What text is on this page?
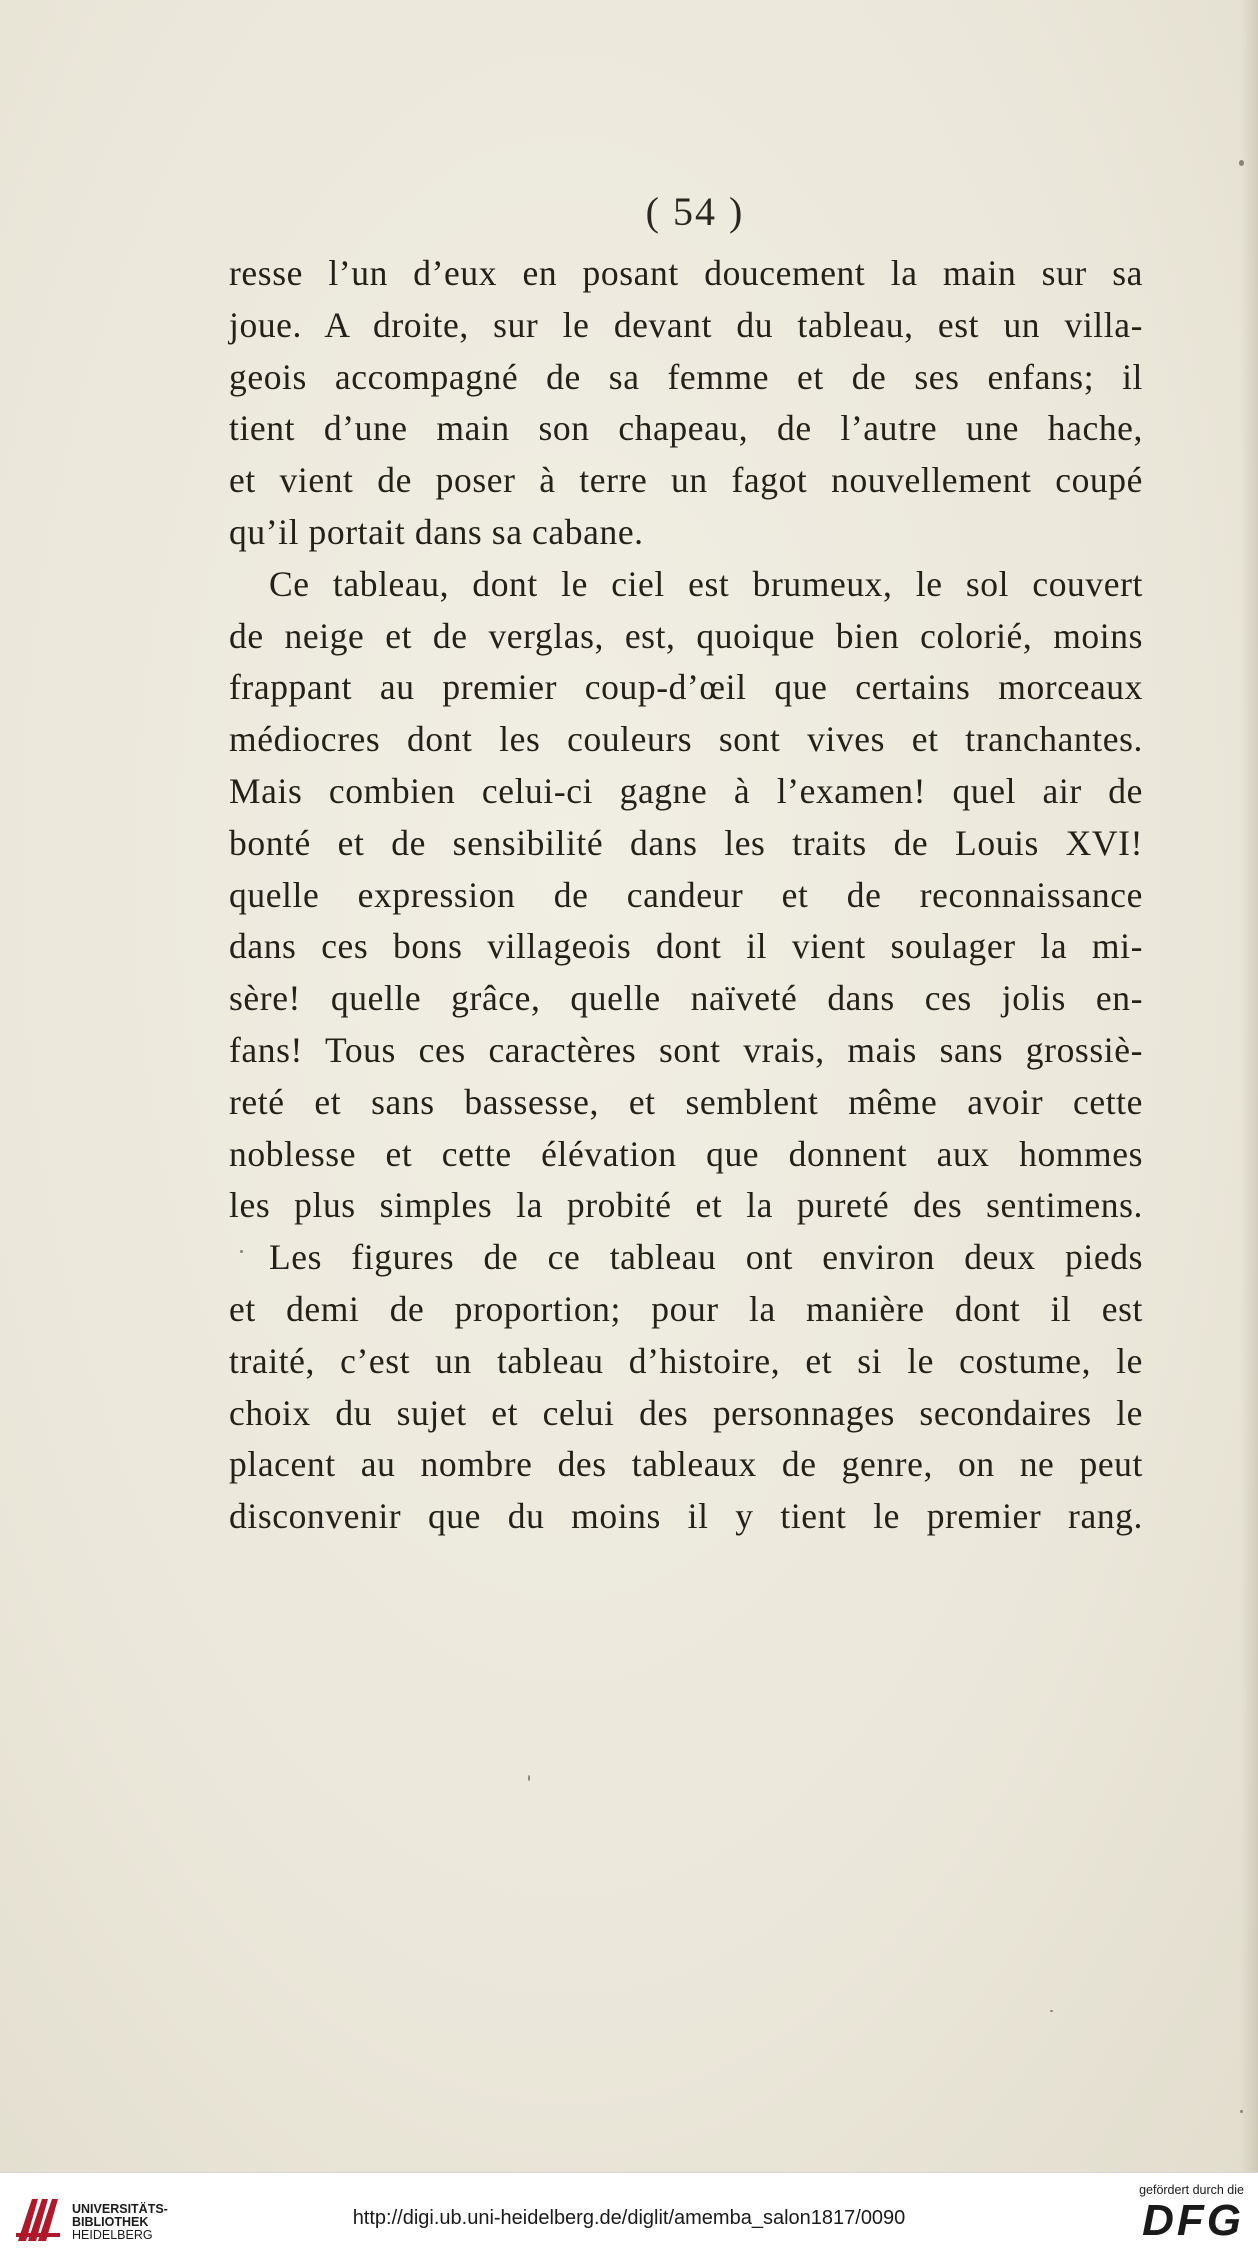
( 54 )
resse l’un d’eux en posant doucement la main sur sa
joue. A droite, sur le devant du tableau, est un villa-
geois accompagné de sa femme et de ses enfans; il
tient d’une main son chapeau, de l’autre une hache,
et vient de poser à terre un fagot nouvellement coupé
qu’il portait dans sa cabane.
Ce tableau, dont le ciel est brumeux, le sol couvert
de neige et de verglas, est, quoique bien colorié, moins
frappant au premier coup-d’œil que certains morceaux
médiocres dont les couleurs sont vives et tranchantes.
Mais combien celui-ci gagne à l’examen! quel air de
bonté et de sensibilité dans les traits de Louis XVI!
quelle expression de candeur et de reconnaissance
dans ces bons villageois dont il vient soulager la mi-
sère! quelle grâce, quelle naïveté dans ces jolis en-
fans! Tous ces caractères sont vrais, mais sans grossiè-
reté et sans bassesse, et semblent même avoir cette
noblesse et cette élévation que donnent aux hommes
les plus simples la probité et la pureté des sentimens.
Les figures de ce tableau ont environ deux pieds
et demi de proportion; pour la manière dont il est
traité, c’est un tableau d’histoire, et si le costume, le
choix du sujet et celui des personnages secondaires le
placent au nombre des tableaux de genre, on ne peut
disconvenir que du moins il y tient le premier rang.
UNIVERSITÄTS-
BIBLIOTHEK
HEIDELBERG
http://digi.ub.uni-heidelberg.de/diglit/amemba_salon1817/0090
gefördert durch die
DFG
